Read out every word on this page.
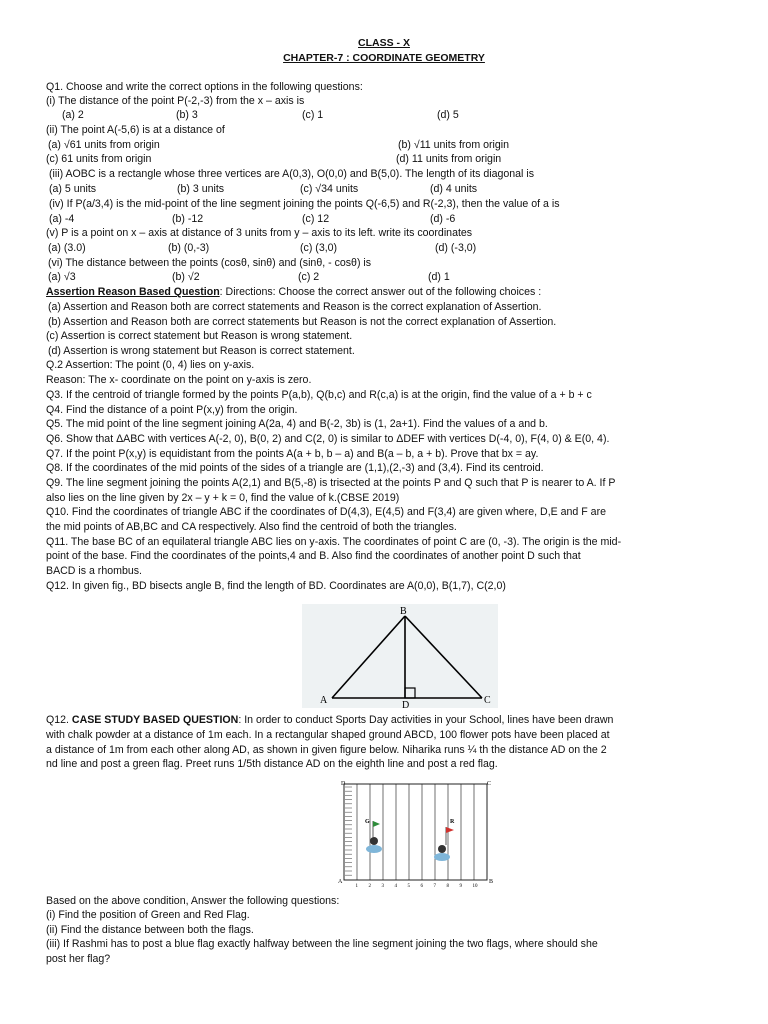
CLASS - X
CHAPTER-7 : COORDINATE GEOMETRY
Q1. Choose and write the correct options in the following questions:
(i) The distance of the point P(-2,-3) from the x – axis is
(a) 2	(b) 3	(c) 1	(d) 5
(ii) The point A(-5,6) is at a distance of
(a) √61 units from origin	(b) √11 units from origin
(c) 61 units from origin	(d) 11 units from origin
(iii) AOBC is a rectangle whose three vertices are A(0,3), O(0,0) and B(5,0). The length of its diagonal is
(a) 5 units	(b) 3 units	(c) √34 units	(d) 4 units
(iv) If P(a/3,4) is the mid-point of the line segment joining the points Q(-6,5) and R(-2,3), then the value of a is
(a) -4	(b) -12	(c) 12	(d) -6
(v) P is a point on x – axis at distance of 3 units from y – axis to its left. write its coordinates
(a) (3.0)	(b) (0,-3)	(c) (3,0)	(d) (-3,0)
(vi) The distance between the points (cosθ, sinθ) and (sinθ, - cosθ) is
(a) √3	(b) √2	(c) 2	(d) 1
Assertion Reason Based Question: Directions: Choose the correct answer out of the following choices :
(a) Assertion and Reason both are correct statements and Reason is the correct explanation of Assertion.
(b) Assertion and Reason both are correct statements but Reason is not the correct explanation of Assertion.
(c) Assertion is correct statement but Reason is wrong statement.
(d) Assertion is wrong statement but Reason is correct statement.
Q.2 Assertion: The point (0, 4) lies on y-axis.
Reason: The x- coordinate on the point on y-axis is zero.
Q3. If the centroid of triangle formed by the points P(a,b), Q(b,c) and R(c,a) is at the origin, find the value of a + b + c
Q4. Find the distance of a point P(x,y) from the origin.
Q5. The mid point of the line segment joining A(2a, 4) and B(-2, 3b) is (1, 2a+1). Find the values of a and b.
Q6. Show that ΔABC with vertices A(-2, 0), B(0, 2) and C(2, 0) is similar to ΔDEF with vertices D(-4, 0), F(4, 0) & E(0, 4).
Q7. If the point P(x,y) is equidistant from the points A(a + b, b – a) and B(a – b, a + b). Prove that bx = ay.
Q8. If the coordinates of the mid points of the sides of a triangle are (1,1),(2,-3) and (3,4). Find its centroid.
Q9. The line segment joining the points A(2,1) and B(5,-8) is trisected at the points P and Q such that P is nearer to A. If P
also lies on the line given by 2x – y + k = 0, find the value of k.(CBSE 2019)
Q10. Find the coordinates of triangle ABC if the coordinates of D(4,3), E(4,5) and F(3,4) are given where, D,E and F are
the mid points of AB,BC and CA respectively. Also find the centroid of both the triangles.
Q11. The base BC of an equilateral triangle ABC lies on y-axis. The coordinates of point C are (0, -3). The origin is the mid-
point of the base. Find the coordinates of the points,4 and B. Also find the coordinates of another point D such that
BACD is a rhombus.
Q12. In given fig., BD bisects angle B, find the length of BD. Coordinates are A(0,0), B(1,7), C(2,0)
B
A	D	C
Q12. CASE STUDY BASED QUESTION: In order to conduct Sports Day activities in your School, lines have been drawn
with chalk powder at a distance of 1m each. In a rectangular shaped ground ABCD, 100 flower pots have been placed at
a distance of 1m from each other along AD, as shown in given figure below. Niharika runs ¼ th the distance AD on the 2
nd line and post a green flag. Preet runs 1/5th distance AD on the eighth line and post a red flag.
D	C
A	B
1 2 3 4 5 6 7 8 9 10
G	R
Based on the above condition, Answer the following questions:
(i) Find the position of Green and Red Flag.
(ii) Find the distance between both the flags.
(iii) If Rashmi has to post a blue flag exactly halfway between the line segment joining the two flags, where should she
post her flag?
